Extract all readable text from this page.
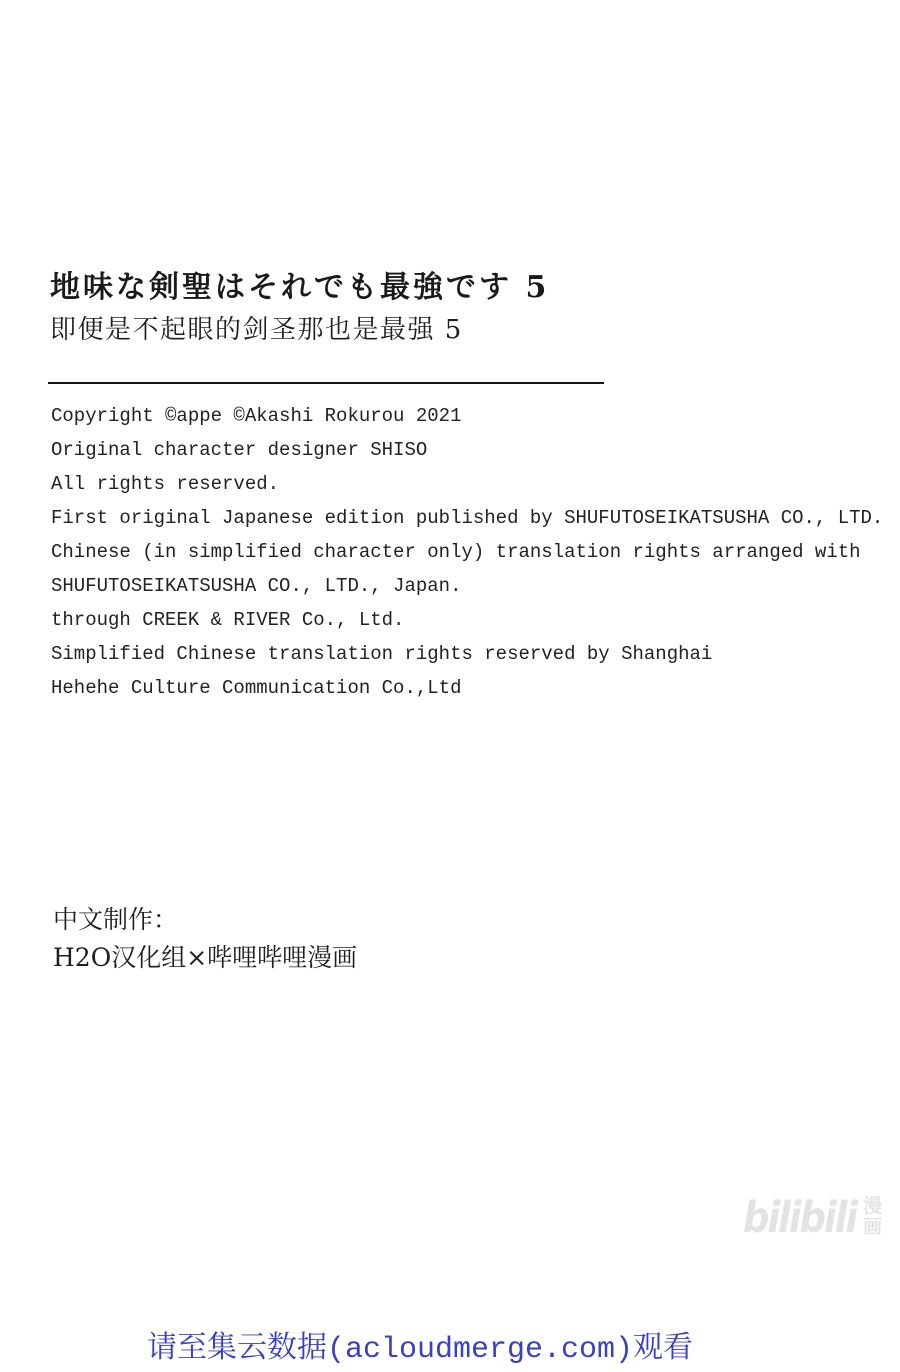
地味な剣聖はそれでも最強です 5
即便是不起眼的剑圣那也是最强 5
Copyright ©appe ©Akashi Rokurou 2021
Original character designer SHISO
All rights reserved.
First original Japanese edition published by SHUFUTOSEIKATSUSHA CO., LTD.
Chinese (in simplified character only) translation rights arranged with
SHUFUTOSEIKATSUSHA CO., LTD., Japan.
through CREEK & RIVER Co., Ltd.
Simplified Chinese translation rights reserved by Shanghai
Hehehe Culture Communication Co.,Ltd
中文制作：
H2O汉化组×哔哩哔哩漫画
bilibili 漫
画
请至集云数据(acloudmerge.com)观看
